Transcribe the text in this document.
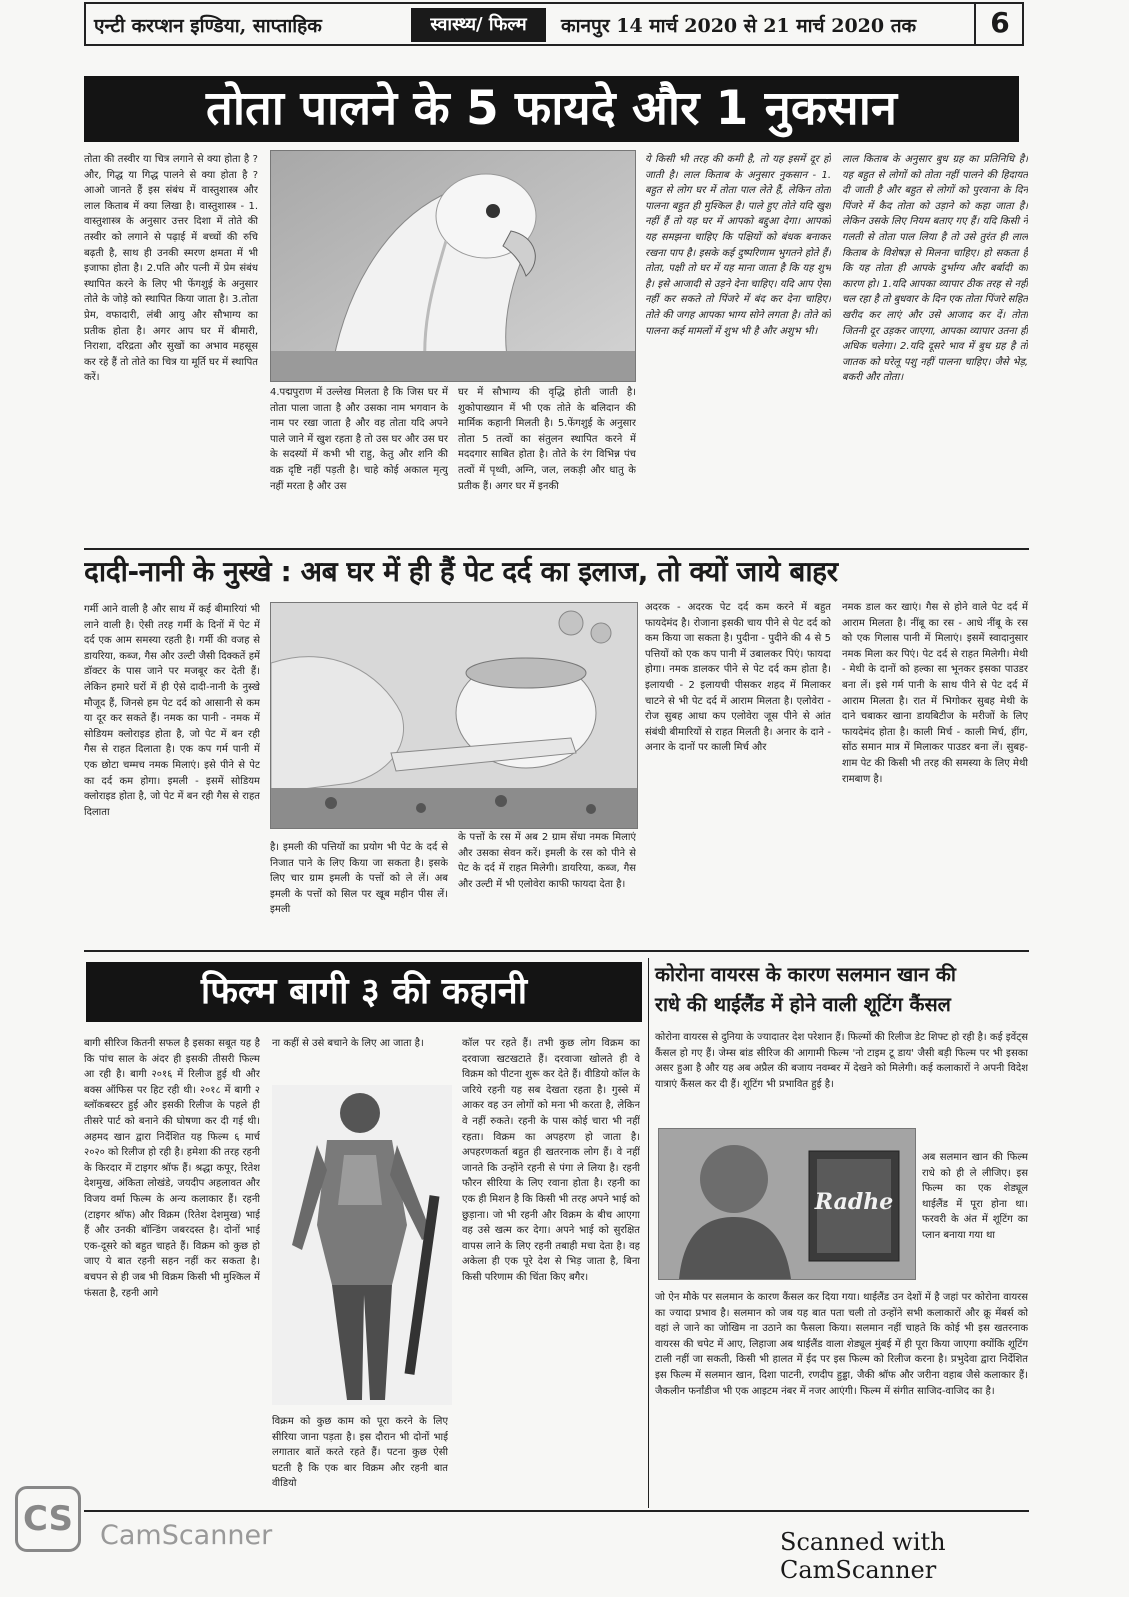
एन्टी करप्शन इण्डिया, साप्ताहिक	स्वास्थ्य/ फिल्म	कानपुर 14 मार्च 2020 से 21 मार्च 2020 तक	6
तोता पालने के 5 फायदे और 1 नुकसान
तोता की तस्वीर या चित्र लगाने से क्या होता है ? और, गिद्ध या गिद्ध पालने से क्या होता है ? आओ जानते हैं इस संबंध में वास्तुशास्त्र और लाल किताब में क्या लिखा है। वास्तुशास्त्र - 1. वास्तुशास्त्र के अनुसार उत्तर दिशा में तोते की तस्वीर को लगाने से पढ़ाई में बच्चों की रुचि बढ़ती है, साथ ही उनकी स्मरण क्षमता में भी इजाफा होता है। 2.पति और पत्नी में प्रेम संबंध स्थापित करने के लिए भी फेंगशुई के अनुसार तोते के जोड़े को स्थापित किया जाता है। 3.तोता प्रेम, वफादारी, लंबी आयु और सौभाग्य का प्रतीक होता है। अगर आप घर में बीमारी, निराशा, दरिद्रता और सुखों का अभाव महसूस कर रहे हैं तो तोते का चित्र या मूर्ति घर में स्थापित करें।
4.पद्मपुराण में उल्लेख मिलता है कि जिस घर में तोता पाला जाता है और उसका नाम भगवान के नाम पर रखा जाता है और वह तोता यदि अपने पाले जाने में खुश रहता है तो उस घर और उस घर के सदस्यों में कभी भी राहु, केतु और शनि की वक्र दृष्टि नहीं पड़ती है। चाहे कोई अकाल मृत्यु नहीं मरता है और उस
घर में सौभाग्य की वृद्धि होती जाती है। शुकोपाख्यान में भी एक तोते के बलिदान की मार्मिक कहानी मिलती है। 5.फेंगशुई के अनुसार तोता 5 तत्वों का संतुलन स्थापित करने में मददगार साबित होता है। तोते के रंग विभिन्न पंच तत्वों में पृथ्वी, अग्नि, जल, लकड़ी और धातु के प्रतीक हैं। अगर घर में इनकी
ये किसी भी तरह की कमी है, तो यह इसमें दूर हो जाती है। लाल किताब के अनुसार नुकसान - 1. बहुत से लोग घर में तोता पाल लेते हैं, लेकिन तोता पालना बहुत ही मुश्किल है। पाले हुए तोते यदि खुश नहीं हैं तो यह घर में आपको बद्दुआ देगा। आपको यह समझना चाहिए कि पक्षियों को बंधक बनाकर रखना पाप है। इसके कई दुष्परिणाम भुगतने होते हैं। तोता, पक्षी तो घर में यह माना जाता है कि यह शुभ है। इसे आजादी से उड़ने देना चाहिए। यदि आप ऐसा नहीं कर सकते तो पिंजरे में बंद कर देना चाहिए। तोते की जगह आपका भाग्य सोने लगता है। तोते को पालना कई मामलों में शुभ भी है और अशुभ भी।
लाल किताब के अनुसार बुध ग्रह का प्रतिनिधि है। यह बहुत से लोगों को तोता नहीं पालने की हिदायत दी जाती है और बहुत से लोगों को पुरवाना के दिन पिंजरे में कैद तोता को उड़ाने को कहा जाता है। लेकिन उसके लिए नियम बताए गए हैं। यदि किसी ने गलती से तोता पाल लिया है तो उसे तुरंत ही लाल किताब के विशेषज्ञ से मिलना चाहिए। हो सकता है कि यह तोता ही आपके दुर्भाग्य और बर्बादी का कारण हो। 1.यदि आपका व्यापार ठीक तरह से नहीं चल रहा है तो बुधवार के दिन एक तोता पिंजरे सहित खरीद कर लाएं और उसे आजाद कर दें। तोता जितनी दूर उड़कर जाएगा, आपका व्यापार उतना ही अधिक चलेगा। 2.यदि दूसरे भाव में बुध ग्रह है तो जातक को घरेलू पशु नहीं पालना चाहिए। जैसे भेड़, बकरी और तोता।
दादी-नानी के नुस्खे : अब घर में ही हैं पेट दर्द का इलाज, तो क्यों जाये बाहर
गर्मी आने वाली है और साथ में कई बीमारियां भी लाने वाली है। ऐसी तरह गर्मी के दिनों में पेट में दर्द एक आम समस्या रहती है। गर्मी की वजह से डायरिया, कब्ज, गैस और उल्टी जैसी दिक्कतें हमें डॉक्टर के पास जाने पर मजबूर कर देती हैं। लेकिन हमारे घरों में ही ऐसे दादी-नानी के नुस्खे मौजूद हैं, जिनसे हम पेट दर्द को आसानी से कम या दूर कर सकते हैं। नमक का पानी - नमक में सोडियम क्लोराइड होता है, जो पेट में बन रही गैस से राहत दिलाता है। एक कप गर्म पानी में एक छोटा चम्मच नमक मिलाएं। इसे पीने से पेट का दर्द कम होगा। इमली - इसमें सोडियम क्लोराइड होता है, जो पेट में बन रही गैस से राहत दिलाता
है। इमली की पत्तियों का प्रयोग भी पेट के दर्द से निजात पाने के लिए किया जा सकता है। इसके लिए चार ग्राम इमली के पत्तों को ले लें। अब इमली के पत्तों को सिल पर खूब महीन पीस लें। इमली
के पत्तों के रस में अब 2 ग्राम सेंधा नमक मिलाएं और उसका सेवन करें। इमली के रस को पीने से पेट के दर्द में राहत मिलेगी। डायरिया, कब्ज, गैस और उल्टी में भी एलोवेरा काफी फायदा देता है।
अदरक - अदरक पेट दर्द कम करने में बहुत फायदेमंद है। रोजाना इसकी चाय पीने से पेट दर्द को कम किया जा सकता है। पुदीना - पुदीने की 4 से 5 पत्तियों को एक कप पानी में उबालकर पिएं। फायदा होगा। नमक डालकर पीने से पेट दर्द कम होता है। इलायची - 2 इलायची पीसकर शहद में मिलाकर चाटने से भी पेट दर्द में आराम मिलता है। एलोवेरा - रोज सुबह आधा कप एलोवेरा जूस पीने से आंत संबंधी बीमारियों से राहत मिलती है। अनार के दाने - अनार के दानों पर काली मिर्च और
नमक डाल कर खाएं। गैस से होने वाले पेट दर्द में आराम मिलता है। नींबू का रस - आधे नींबू के रस को एक गिलास पानी में मिलाएं। इसमें स्वादानुसार नमक मिला कर पिएं। पेट दर्द से राहत मिलेगी। मेथी - मेथी के दानों को हल्का सा भूनकर इसका पाउडर बना लें। इसे गर्म पानी के साथ पीने से पेट दर्द में आराम मिलता है। रात में भिगोकर सुबह मेथी के दाने चबाकर खाना डायबिटीज के मरीजों के लिए फायदेमंद होता है। काली मिर्च - काली मिर्च, हींग, सोंठ समान मात्र में मिलाकर पाउडर बना लें। सुबह-शाम पेट की किसी भी तरह की समस्या के लिए मेथी रामबाण है।
फिल्म बागी ३ की कहानी
बागी सीरिज कितनी सफल है इसका सबूत यह है कि पांच साल के अंदर ही इसकी तीसरी फिल्म आ रही है। बागी २०१६ में रिलीज हुई थी और बक्स ऑफिस पर हिट रही थी। २०१८ में बागी २ ब्लॉकबस्टर हुई और इसकी रिलीज के पहले ही तीसरे पार्ट को बनाने की घोषणा कर दी गई थी। अहमद खान द्वारा निर्देशित यह फिल्म ६ मार्च २०२० को रिलीज हो रही है। हमेशा की तरह रहनी के किरदार में टाइगर श्रॉफ हैं। श्रद्धा कपूर, रितेश देशमुख, अंकिता लोखंडे, जयदीप अहलावत और विजय वर्मा फिल्म के अन्य कलाकार हैं। रहनी (टाइगर श्रॉफ) और विक्रम (रितेश देशमुख) भाई हैं और उनकी बॉन्डिंग जबरदस्त है। दोनों भाई एक-दूसरे को बहुत चाहते हैं। विक्रम को कुछ हो जाए ये बात रहनी सहन नहीं कर सकता है। बचपन से ही जब भी विक्रम किसी भी मुश्किल में फंसता है, रहनी आगे
ना कहीं से उसे बचाने के लिए आ जाता है।
विक्रम को कुछ काम को पूरा करने के लिए सीरिया जाना पड़ता है। इस दौरान भी दोनों भाई लगातार बातें करते रहते हैं। पटना कुछ ऐसी घटती है कि एक बार विक्रम और रहनी बात वीडियो
कॉल पर रहते हैं। तभी कुछ लोग विक्रम का दरवाजा खटखटाते हैं। दरवाजा खोलते ही वे विक्रम को पीटना शुरू कर देते हैं। वीडियो कॉल के जरिये रहनी यह सब देखता रहता है। गुस्से में आकर वह उन लोगों को मना भी करता है, लेकिन वे नहीं रुकते। रहनी के पास कोई चारा भी नहीं रहता। विक्रम का अपहरण हो जाता है। अपहरणकर्ता बहुत ही खतरनाक लोग हैं। वे नहीं जानते कि उन्होंने रहनी से पंगा ले लिया है। रहनी फौरन सीरिया के लिए रवाना होता है। रहनी का एक ही मिशन है कि किसी भी तरह अपने भाई को छुड़ाना। जो भी रहनी और विक्रम के बीच आएगा वह उसे खत्म कर देगा। अपने भाई को सुरक्षित वापस लाने के लिए रहनी तबाही मचा देता है। वह अकेला ही एक पूरे देश से भिड़ जाता है, बिना किसी परिणाम की चिंता किए बगैर।
कोरोना वायरस के कारण सलमान खान की
राधे की थाईलैंड में होने वाली शूटिंग कैंसल
कोरोना वायरस से दुनिया के ज्यादातर देश परेशान हैं। फिल्मों की रिलीज डेट शिफ्ट हो रही है। कई इवेंट्स कैंसल हो गए हैं। जेम्स बांड सीरिज की आगामी फिल्म 'नो टाइम टू डाय' जैसी बड़ी फिल्म पर भी इसका असर हुआ है और यह अब अप्रैल की बजाय नवम्बर में देखने को मिलेगी। कई कलाकारों ने अपनी विदेश यात्राएं कैंसल कर दी हैं। शूटिंग भी प्रभावित हुई है।
Radhe
अब सलमान खान की फिल्म राधे को ही ले लीजिए। इस फिल्म का एक शेड्यूल थाईलैंड में पूरा होना था। फरवरी के अंत में शूटिंग का प्लान बनाया गया था
जो ऐन मौके पर सलमान के कारण कैंसल कर दिया गया। थाईलैंड उन देशों में है जहां पर कोरोना वायरस का ज्यादा प्रभाव है। सलमान को जब यह बात पता चली तो उन्होंने सभी कलाकारों और क्रू मेंबर्स को वहां ले जाने का जोखिम ना उठाने का फैसला किया। सलमान नहीं चाहते कि कोई भी इस खतरनाक वायरस की चपेट में आए, लिहाजा अब थाईलैंड वाला शेड्यूल मुंबई में ही पूरा किया जाएगा क्योंकि शूटिंग टाली नहीं जा सकती, किसी भी हालत में ईद पर इस फिल्म को रिलीज करना है। प्रभुदेवा द्वारा निर्देशित इस फिल्म में सलमान खान, दिशा पाटनी, रणदीप हुड्डा, जैकी श्रॉफ और जरीना वहाब जैसे कलाकार हैं। जैकलीन फर्नांडीज भी एक आइटम नंबर में नजर आएंगी। फिल्म में संगीत साजिद-वाजिद का है।
CS CamScanner	Scanned with CamScanner
